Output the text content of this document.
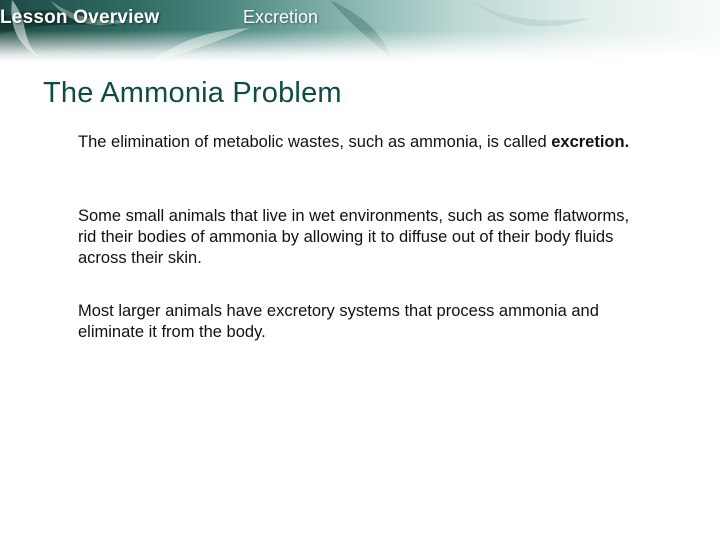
Lesson Overview	Excretion
The Ammonia Problem
The elimination of metabolic wastes, such as ammonia, is called excretion.
Some small animals that live in wet environments, such as some flatworms, rid their bodies of ammonia by allowing it to diffuse out of their body fluids across their skin.
Most larger animals have excretory systems that process ammonia and eliminate it from the body.
